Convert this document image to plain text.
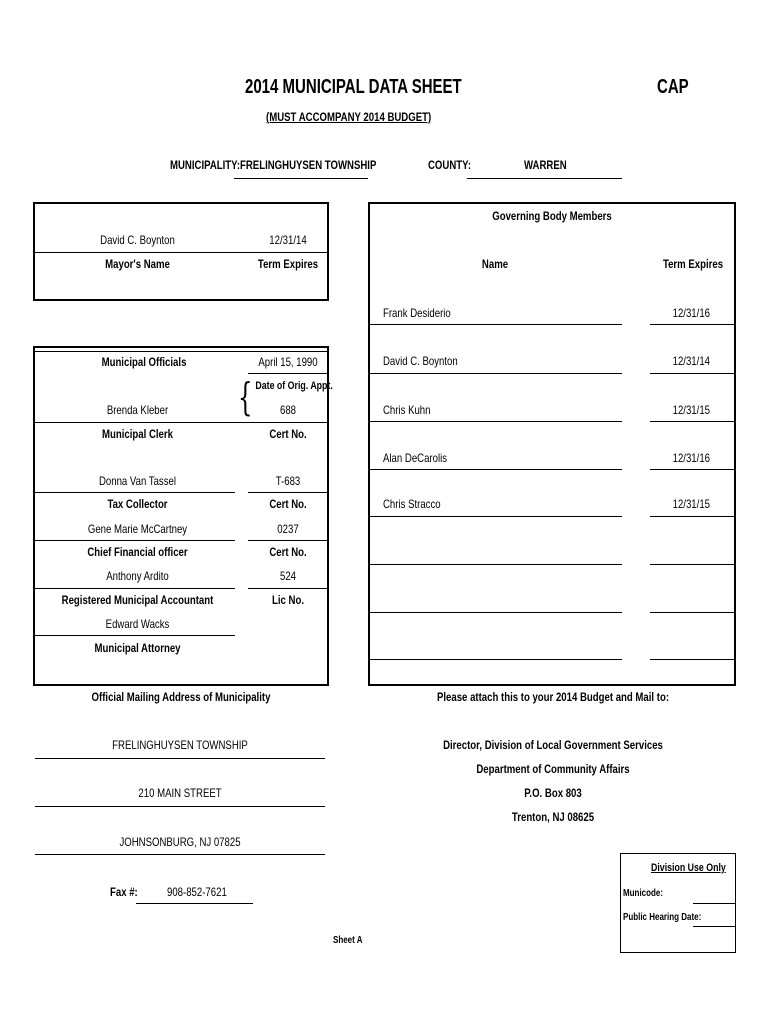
2014 MUNICIPAL DATA SHEET	CAP
(MUST ACCOMPANY 2014 BUDGET)
MUNICIPALITY: FRELINGHUYSEN TOWNSHIP	COUNTY:	WARREN
David C. Boynton	12/31/14
Mayor's Name	Term Expires
Municipal Officials	April 15, 1990
{ Date of Orig. Appt.
Brenda Kleber	688
Municipal Clerk	Cert No.
Donna Van Tassel	T-683
Tax Collector	Cert No.
Gene Marie McCartney	0237
Chief Financial officer	Cert No.
Anthony Ardito	524
Registered Municipal Accountant	Lic No.
Edward Wacks
Municipal Attorney
Governing Body Members
Name	Term Expires
Frank Desiderio	12/31/16
David C. Boynton	12/31/14
Chris Kuhn	12/31/15
Alan DeCarolis	12/31/16
Chris Stracco	12/31/15
Official Mailing Address of Municipality
FRELINGHUYSEN TOWNSHIP
210 MAIN STREET
JOHNSONBURG, NJ 07825
Fax #: 908-852-7621
Please attach this to your 2014 Budget and Mail to:
Director, Division of Local Government Services
Department of Community Affairs
P.O. Box 803
Trenton, NJ 08625
Division Use Only
Municode:
Public Hearing Date:
Sheet A
